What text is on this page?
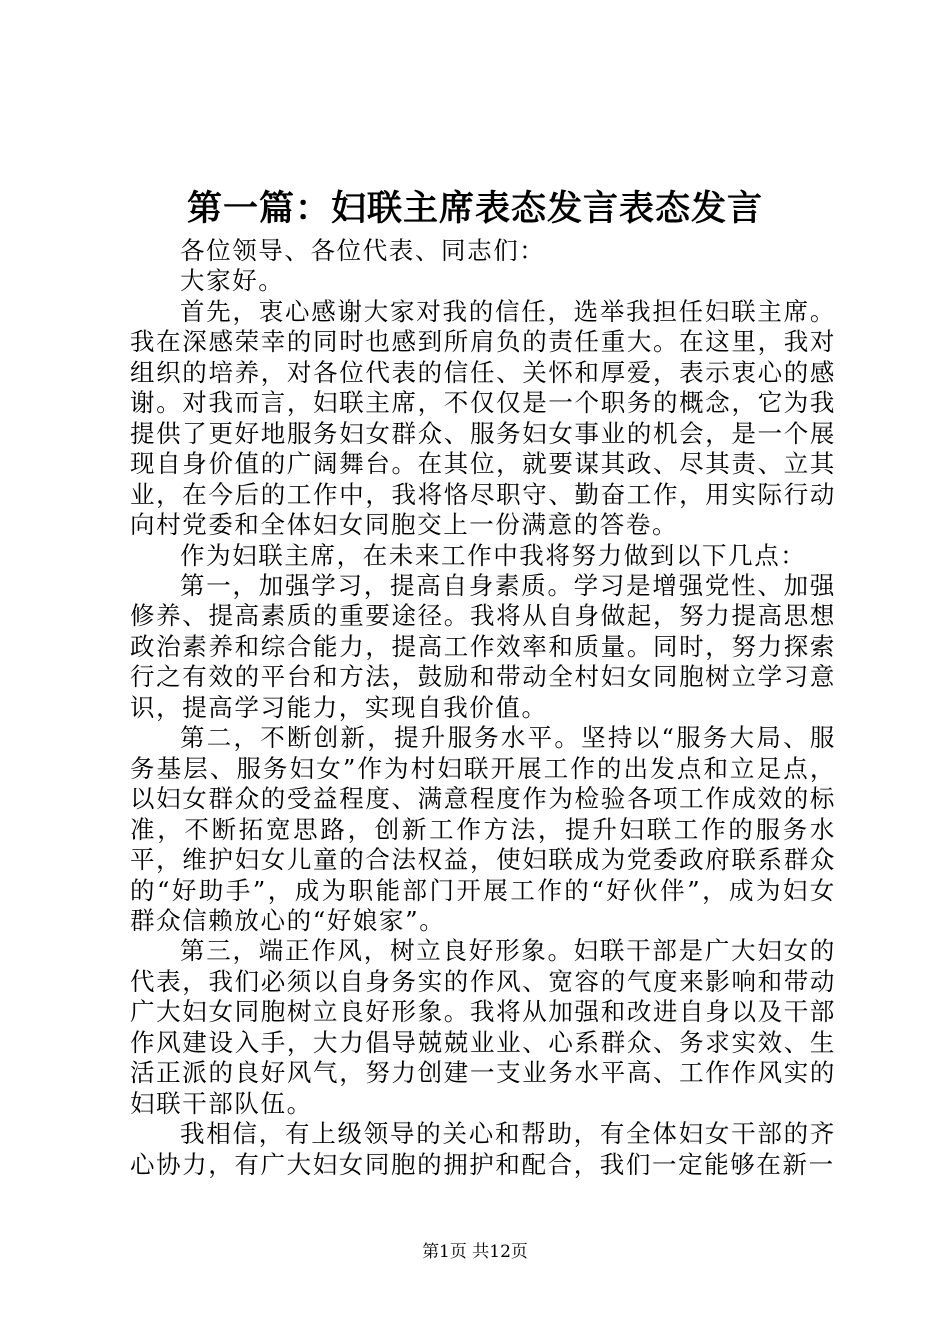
第一篇：妇联主席表态发言表态发言

各位领导、各位代表、同志们：

大家好。

首先，衷心感谢大家对我的信任，选举我担任妇联主席。我在深感荣幸的同时也感到所肩负的责任重大。在这里，我对组织的培养，对各位代表的信任、关怀和厚爱，表示衷心的感谢。对我而言，妇联主席，不仅仅是一个职务的概念，它为我提供了更好地服务妇女群众、服务妇女事业的机会，是一个展现自身价值的广阔舞台。在其位，就要谋其政、尽其责、立其业，在今后的工作中，我将恪尽职守、勤奋工作，用实际行动向村党委和全体妇女同胞交上一份满意的答卷。

作为妇联主席，在未来工作中我将努力做到以下几点：

第一，加强学习，提高自身素质。学习是增强党性、加强修养、提高素质的重要途径。我将从自身做起，努力提高思想政治素养和综合能力，提高工作效率和质量。同时，努力探索行之有效的平台和方法，鼓励和带动全村妇女同胞树立学习意识，提高学习能力，实现自我价值。

第二，不断创新，提升服务水平。坚持以“服务大局、服务基层、服务妇女”作为村妇联开展工作的出发点和立足点，以妇女群众的受益程度、满意程度作为检验各项工作成效的标准，不断拓宽思路，创新工作方法，提升妇联工作的服务水平，维护妇女儿童的合法权益，使妇联成为党委政府联系群众的“好助手”，成为职能部门开展工作的“好伙伴”，成为妇女群众信赖放心的“好娘家”。

第三，端正作风，树立良好形象。妇联干部是广大妇女的代表，我们必须以自身务实的作风、宽容的气度来影响和带动广大妇女同胞树立良好形象。我将从加强和改进自身以及干部作风建设入手，大力倡导兢兢业业、心系群众、务求实效、生活正派的良好风气，努力创建一支业务水平高、工作作风实的妇联干部队伍。

我相信，有上级领导的关心和帮助，有全体妇女干部的齐心协力，有广大妇女同胞的拥护和配合，我们一定能够在新一

第1页 共12页
